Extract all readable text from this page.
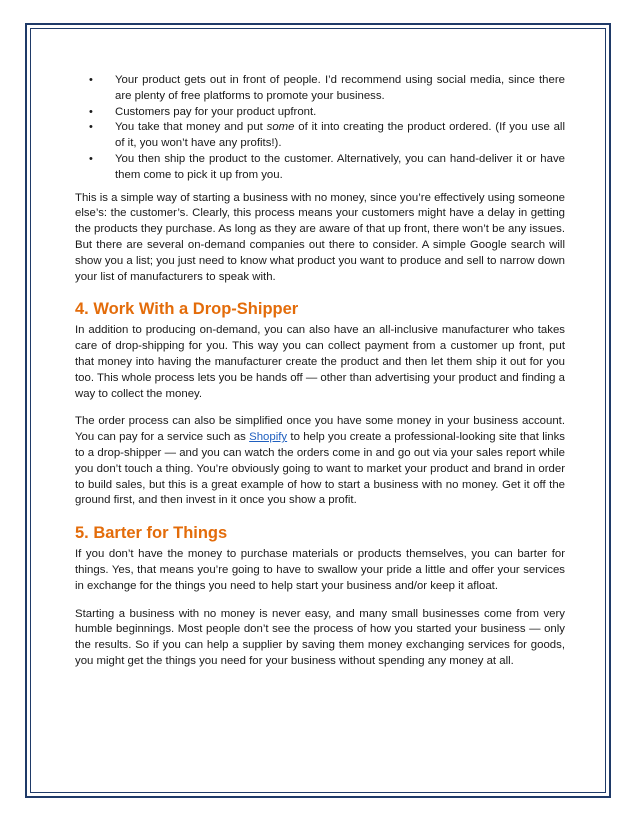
• Your product gets out in front of people. I’d recommend using social media, since there are plenty of free platforms to promote your business.
• Customers pay for your product upfront.
• You take that money and put some of it into creating the product ordered. (If you use all of it, you won’t have any profits!).
• You then ship the product to the customer. Alternatively, you can hand-deliver it or have them come to pick it up from you.

This is a simple way of starting a business with no money, since you’re effectively using someone else’s: the customer’s. Clearly, this process means your customers might have a delay in getting the products they purchase. As long as they are aware of that up front, there won’t be any issues. But there are several on-demand companies out there to consider. A simple Google search will show you a list; you just need to know what product you want to produce and sell to narrow down your list of manufacturers to speak with.

4. Work With a Drop-Shipper

In addition to producing on-demand, you can also have an all-inclusive manufacturer who takes care of drop-shipping for you. This way you can collect payment from a customer up front, put that money into having the manufacturer create the product and then let them ship it out for you too. This whole process lets you be hands off — other than advertising your product and finding a way to collect the money.

The order process can also be simplified once you have some money in your business account. You can pay for a service such as Shopify to help you create a professional-looking site that links to a drop-shipper — and you can watch the orders come in and go out via your sales report while you don’t touch a thing. You’re obviously going to want to market your product and brand in order to build sales, but this is a great example of how to start a business with no money. Get it off the ground first, and then invest in it once you show a profit.

5. Barter for Things

If you don’t have the money to purchase materials or products themselves, you can barter for things. Yes, that means you’re going to have to swallow your pride a little and offer your services in exchange for the things you need to help start your business and/or keep it afloat.

Starting a business with no money is never easy, and many small businesses come from very humble beginnings. Most people don’t see the process of how you started your business — only the results. So if you can help a supplier by saving them money exchanging services for goods, you might get the things you need for your business without spending any money at all.
